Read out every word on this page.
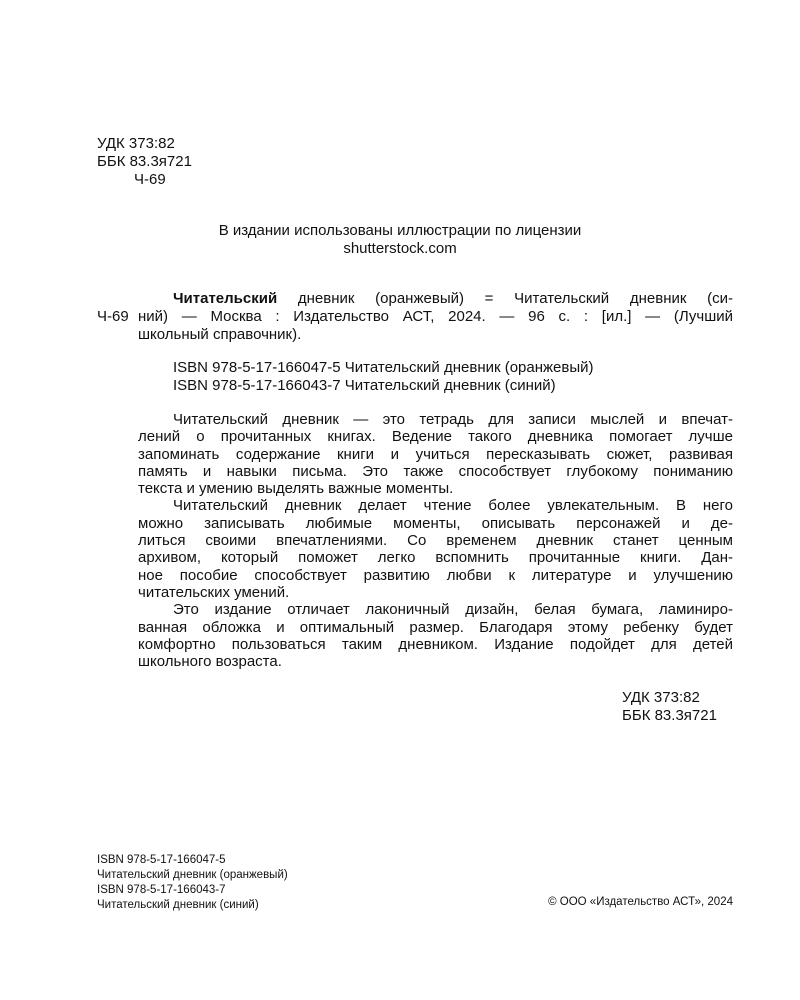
УДК 373:82
ББК 83.3я721
Ч-69
В издании использованы иллюстрации по лицензии
shutterstock.com
Ч-69
Читательский дневник (оранжевый) = Читательский дневник (си-
ний) — Москва : Издательство АСТ, 2024. — 96 с. : [ил.] — (Лучший
школьный справочник).
ISBN 978-5-17-166047-5 Читательский дневник (оранжевый)
ISBN 978-5-17-166043-7 Читательский дневник (синий)
Читательский дневник — это тетрадь для записи мыслей и впечат-
лений о прочитанных книгах. Ведение такого дневника помогает лучше
запоминать содержание книги и учиться пересказывать сюжет, развивая
память и навыки письма. Это также способствует глубокому пониманию
текста и умению выделять важные моменты.
Читательский дневник делает чтение более увлекательным. В него
можно записывать любимые моменты, описывать персонажей и де-
литься своими впечатлениями. Со временем дневник станет ценным
архивом, который поможет легко вспомнить прочитанные книги. Дан-
ное пособие способствует развитию любви к литературе и улучшению
читательских умений.
Это издание отличает лаконичный дизайн, белая бумага, ламиниро-
ванная обложка и оптимальный размер. Благодаря этому ребенку будет
комфортно пользоваться таким дневником. Издание подойдет для детей
школьного возраста.
УДК 373:82
ББК 83.3я721
ISBN 978-5-17-166047-5
Читательский дневник (оранжевый)
ISBN 978-5-17-166043-7
Читательский дневник (синий)	© ООО «Издательство АСТ», 2024
